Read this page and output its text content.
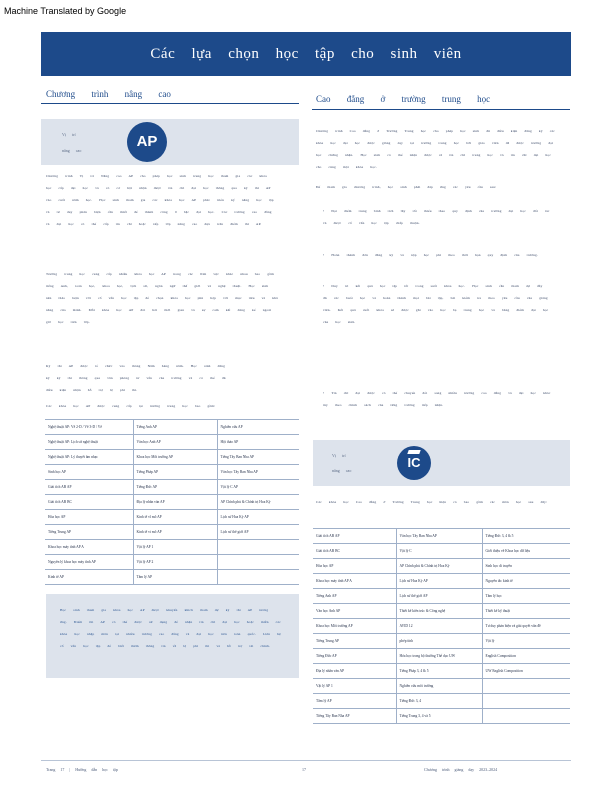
Machine Translated by Google
Các lựa chọn học tập cho sinh viên
Chương trình nâng cao
Vị trí
nâng cao
AP
Chương trình Vị trí Nâng cao AP cho phép học sinh trung học tham gia các khóa học cấp đại học và có cơ hội nhận được tín chỉ đại học thông qua kỳ thi AP vào cuối năm học. Học sinh tham gia các khóa học AP phát triển kỹ năng học tập và tư duy phản biện cần thiết để thành công ở bậc đại học. Các trường cao đẳng và đại học có thể cấp tín chỉ hoặc xếp lớp nâng cao dựa trên điểm thi AP.
Trường trung học cung cấp nhiều khóa học AP trong các lĩnh vực khác nhau bao gồm tiếng Anh, toán học, khoa học, lịch sử, ngôn ngữ thế giới và nghệ thuật. Học sinh nên thảo luận với cố vấn học tập để chọn khóa học phù hợp với mục tiêu và khả năng của mình. Mỗi khóa học AP đòi hỏi thời gian và sự cam kết đáng kể ngoài giờ học trên lớp.
Kỳ thi AP được tổ chức vào tháng Năm hàng năm. Học sinh đăng ký kỳ thi thông qua văn phòng tư vấn của trường và có thể đủ điều kiện nhận hỗ trợ lệ phí thi.
Các khóa học AP được cung cấp tại trường trung học bao gồm:
Nghệ thuật AP: Vẽ 2-D / Vẽ 3-D / Vẽ	Tiếng Anh AP	Nghiên cứu AP
Nghệ thuật AP: Lịch sử nghệ thuật	Văn học Anh AP	Hội thảo AP
Nghệ thuật AP: Lý thuyết âm nhạc	Khoa học Môi trường AP	Tiếng Tây Ban Nha AP
Sinh học AP	Tiếng Pháp AP	Văn học Tây Ban Nha AP
Giải tích AB AP	Tiếng Đức AP	Vật lý C AP
Giải tích AB BC	Địa lý nhân văn AP	AP Chính phủ & Chính trị Hoa Kỳ
Hóa học AP	Kinh tế vĩ mô AP	Lịch sử Hoa Kỳ AP
Tiếng Trung AP	Kinh tế vi mô AP	Lịch sử thế giới AP
Khoa học máy tính AP A	Vật lý AP 1	
Nguyên lý khoa học máy tính AP	Vật lý AP 2	
Kinh tế AP	Tâm lý AP	
Học sinh tham gia khóa học AP được khuyến khích tham dự kỳ thi AP tương ứng. Điểm thi AP có thể được sử dụng để nhận tín chỉ đại học hoặc miễn các khóa học nhập môn tại nhiều trường cao đẳng và đại học trên toàn quốc. Liên hệ cố vấn học tập để biết thêm thông tin về lệ phí thi và hỗ trợ tài chính.
Cao đẳng ở trường trung học
Chương trình Cao đẳng ở Trường Trung học cho phép học sinh đủ điều kiện đăng ký các khóa học đại học được giảng dạy tại trường trung học bởi giáo viên đã được trường đại học chứng nhận. Học sinh có thể nhận được cả tín chỉ trung học và tín chỉ đại học cho cùng một khóa học.
Để tham gia chương trình, học sinh phải đáp ứng các yêu cầu sau:
• Đạt điểm trung bình tích lũy tối thiểu theo quy định của trường đại học đối tác và được cố vấn học tập chấp thuận.
• Hoàn thành đơn đăng ký và nộp học phí theo thời hạn quy định của trường.
• Duy trì kết quả học tập tốt trong suốt khóa học. Học sinh cần tham dự đầy đủ các buổi học và hoàn thành mọi bài tập, bài kiểm tra theo yêu cầu của giảng viên. Kết quả cuối khóa sẽ được ghi vào học bạ trung học và bảng điểm đại học của học sinh.
• Tín chỉ đạt được có thể chuyển đổi sang nhiều trường cao đẳng và đại học khác tùy theo chính sách của từng trường tiếp nhận.
Vị trí
nâng cao
IC
Các khóa học Cao đẳng ở Trường Trung học hiện có bao gồm các môn học sau đây:
Giải tích AB AP	Văn học Tây Ban Nha AP	Tiếng Đức 3, 4 & 5
Giải tích AB BC	Vật lý C	Giới thiệu về Khoa học dữ liệu
Hóa học AP	AP Chính phủ & Chính trị Hoa Kỳ	Sinh học di truyền
Khoa học máy tính AP A	Lịch sử Hoa Kỳ AP	Nguyên tắc kinh tế
Tiếng Anh AP	Lịch sử thế giới AP	Tâm lý học
Văn học Anh AP	Thiết kế kiến trúc & Công nghệ	Thiết kế kỹ thuật
Khoa học Môi trường AP	AVID 12	Tư duy phản biện và giải quyết vấn đề
Tiếng Trung AP	phép tính	Vật lý
Tiếng Đức AP	Hóa học trong bộ thường Thể dục UW	English Composition
Địa lý nhân văn AP	Tiếng Pháp 3, 4 & 5	UW English Composition
Vật lý AP 1	Nghiên cứu môi trường	
Tâm lý AP	Tiếng Đức 3, 4	
Tiếng Tây Ban Nha AP	Tiếng Trung 3, 4 và 5	
Trang 17 | Hướng dẫn học tập	17	Chương trình giảng dạy 2023–2024
